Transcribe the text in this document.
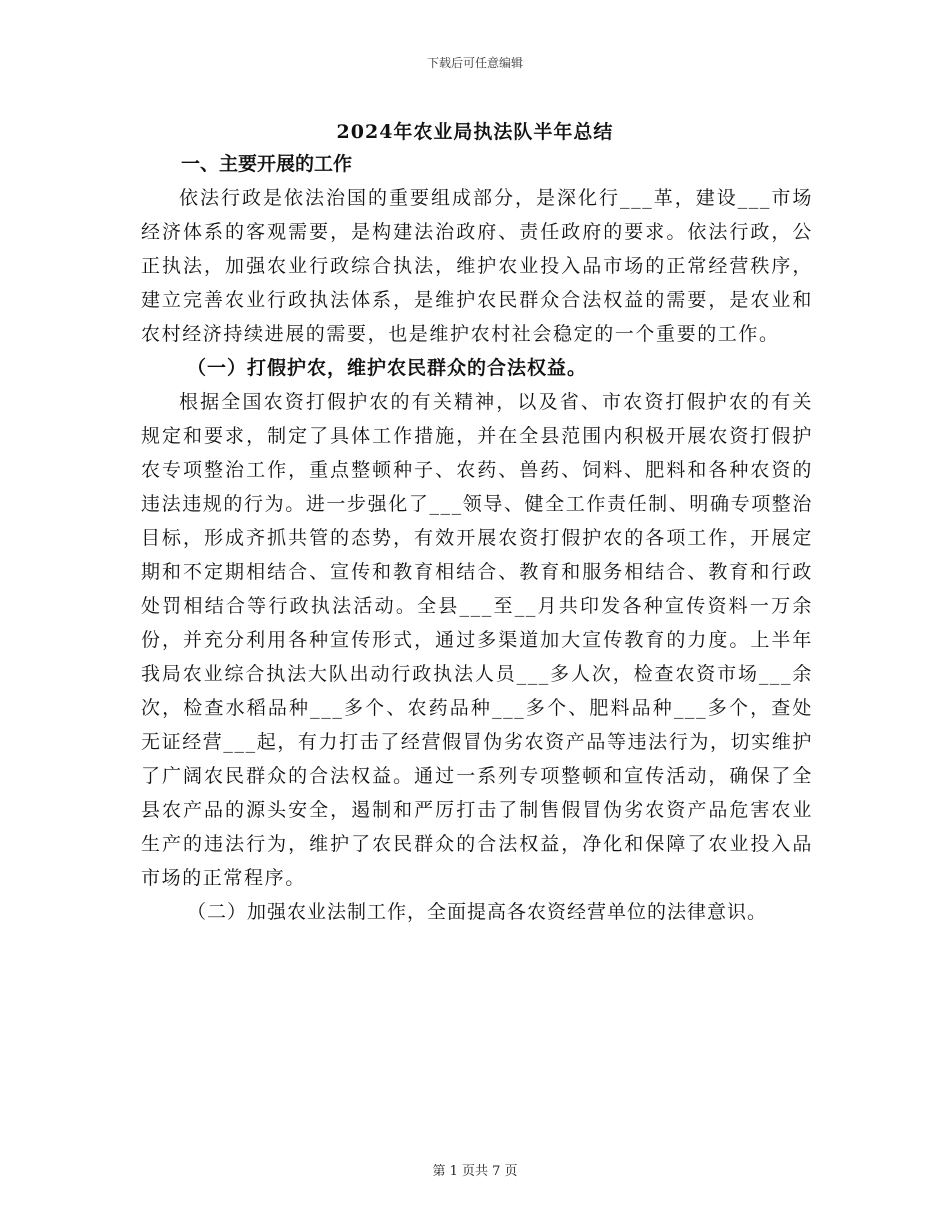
下载后可任意编辑
2024年农业局执法队半年总结

一、主要开展的工作

依法行政是依法治国的重要组成部分，是深化行___革，建设___市场经济体系的客观需要，是构建法治政府、责任政府的要求。依法行政，公正执法，加强农业行政综合执法，维护农业投入品市场的正常经营秩序，建立完善农业行政执法体系，是维护农民群众合法权益的需要，是农业和农村经济持续进展的需要，也是维护农村社会稳定的一个重要的工作。

（一）打假护农，维护农民群众的合法权益。

根据全国农资打假护农的有关精神，以及省、市农资打假护农的有关规定和要求，制定了具体工作措施，并在全县范围内积极开展农资打假护农专项整治工作，重点整顿种子、农药、兽药、饲料、肥料和各种农资的违法违规的行为。进一步强化了___领导、健全工作责任制、明确专项整治目标，形成齐抓共管的态势，有效开展农资打假护农的各项工作，开展定期和不定期相结合、宣传和教育相结合、教育和服务相结合、教育和行政处罚相结合等行政执法活动。全县___至__月共印发各种宣传资料一万余份，并充分利用各种宣传形式，通过多渠道加大宣传教育的力度。上半年我局农业综合执法大队出动行政执法人员___多人次，检查农资市场___余次，检查水稻品种___多个、农药品种___多个、肥料品种___多个，查处无证经营___起，有力打击了经营假冒伪劣农资产品等违法行为，切实维护了广阔农民群众的合法权益。通过一系列专项整顿和宣传活动，确保了全县农产品的源头安全，遏制和严厉打击了制售假冒伪劣农资产品危害农业生产的违法行为，维护了农民群众的合法权益，净化和保障了农业投入品市场的正常程序。

（二）加强农业法制工作，全面提高各农资经营单位的法律意识。

第 1 页共 7 页
